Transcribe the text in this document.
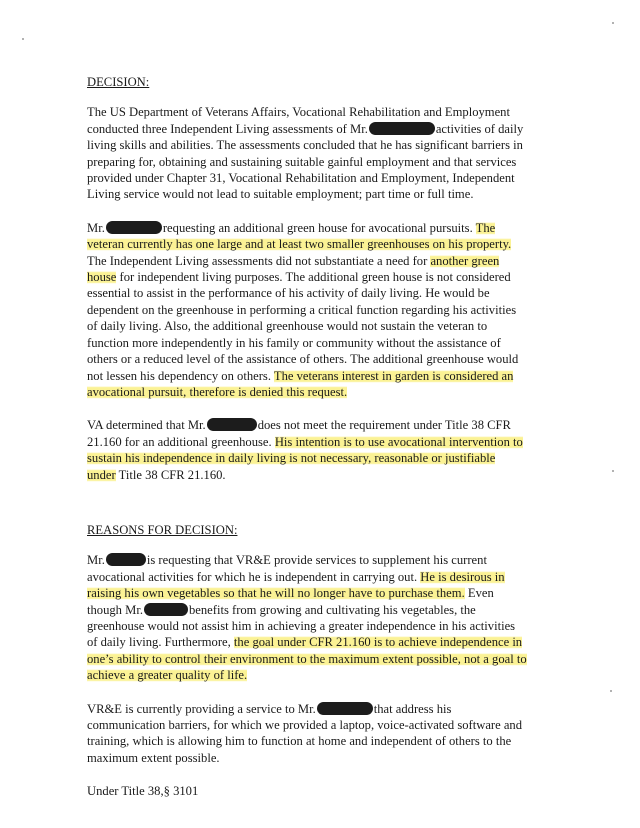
DECISION:

The US Department of Veterans Affairs, Vocational Rehabilitation and Employment conducted three Independent Living assessments of Mr.	activities of daily living skills and abilities. The assessments concluded that he has significant barriers in preparing for, obtaining and sustaining suitable gainful employment and that services provided under Chapter 31, Vocational Rehabilitation and Employment, Independent Living service would not lead to suitable employment; part time or full time.

Mr.	requesting an additional green house for avocational pursuits. The veteran currently has one large and at least two smaller greenhouses on his property. The Independent Living assessments did not substantiate a need for another green house for independent living purposes. The additional green house is not considered essential to assist in the performance of his activity of daily living. He would be dependent on the greenhouse in performing a critical function regarding his activities of daily living. Also, the additional greenhouse would not sustain the veteran to function more independently in his family or community without the assistance of others or a reduced level of the assistance of others. The additional greenhouse would not lessen his dependency on others. The veterans interest in garden is considered an avocational pursuit, therefore is denied this request.

VA determined that Mr.	does not meet the requirement under Title 38 CFR 21.160 for an additional greenhouse. His intention is to use avocational intervention to sustain his independence in daily living is not necessary, reasonable or justifiable under Title 38 CFR 21.160.

REASONS FOR DECISION:

Mr.	is requesting that VR&E provide services to supplement his current avocational activities for which he is independent in carrying out. He is desirous in raising his own vegetables so that he will no longer have to purchase them. Even though Mr.	benefits from growing and cultivating his vegetables, the greenhouse would not assist him in achieving a greater independence in his activities of daily living. Furthermore, the goal under CFR 21.160 is to achieve independence in one’s ability to control their environment to the maximum extent possible, not a goal to achieve a greater quality of life.

VR&E is currently providing a service to Mr.	that address his communication barriers, for which we provided a laptop, voice-activated software and training, which is allowing him to function at home and independent of others to the maximum extent possible.

Under Title 38,§ 3101
